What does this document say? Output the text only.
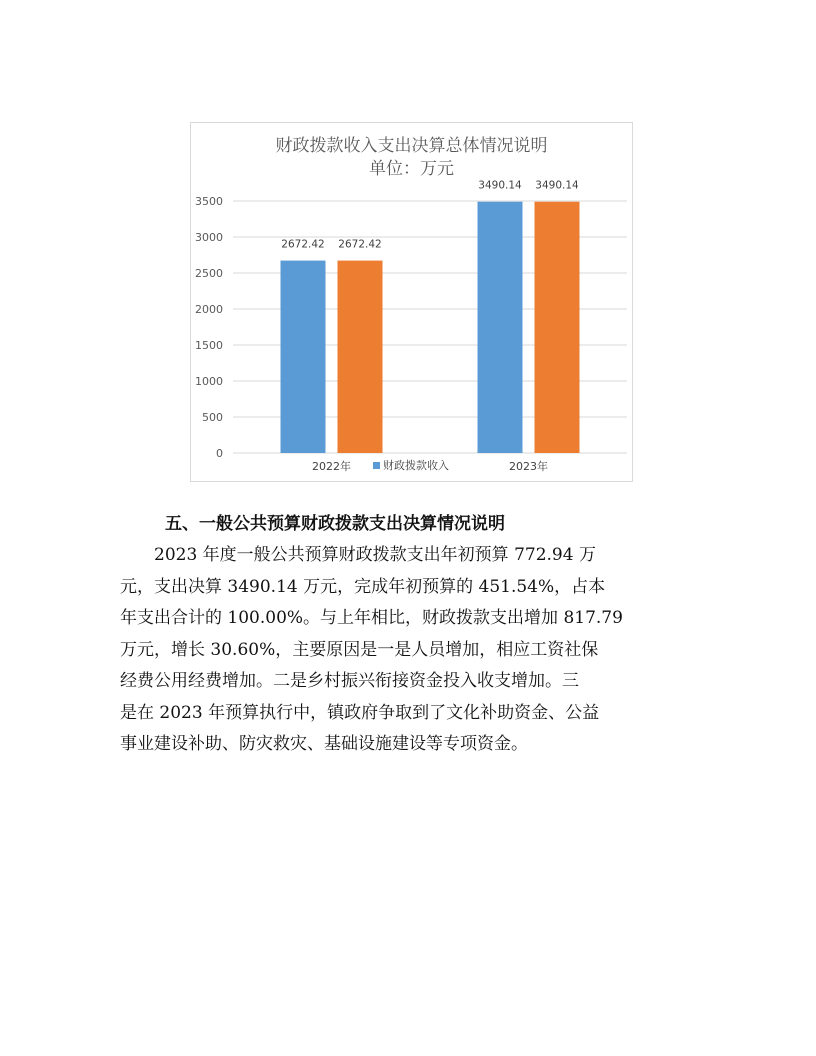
财政拨款收入支出决算总体情况说明
单位：万元
0
500
1000
1500
2000
2500
3000
3500
2672.42 2672.42
2022年
3490.14 3490.14
2023年
财政拨款收入
五、一般公共预算财政拨款支出决算情况说明
2023 年度一般公共预算财政拨款支出年初预算 772.94 万
元，支出决算 3490.14 万元，完成年初预算的 451.54%，占本
年支出合计的 100.00%。与上年相比，财政拨款支出增加 817.79
万元，增长 30.60%，主要原因是一是人员增加，相应工资社保
经费公用经费增加。二是乡村振兴衔接资金投入收支增加。三
是在 2023 年预算执行中，镇政府争取到了文化补助资金、公益
事业建设补助、防灾救灾、基础设施建设等专项资金。
